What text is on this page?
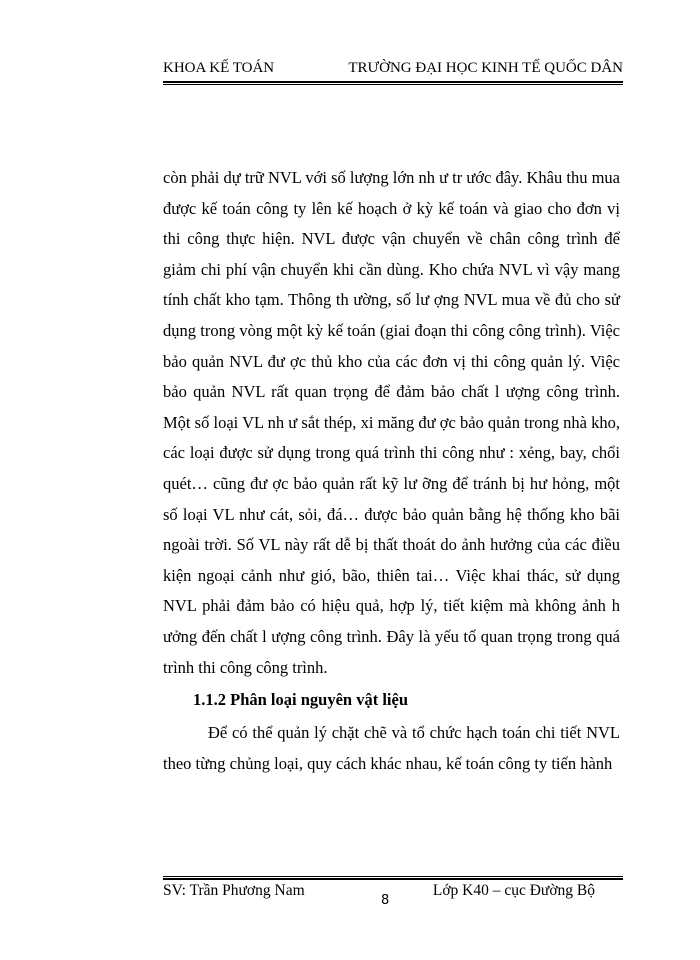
KHOA KẾ TOÁN	TRƯỜNG ĐẠI HỌC KINH TẾ QUỐC DÂN
còn phải dự trữ NVL với số lượng lớn nh ư tr ước đây. Khâu thu mua được kế toán công ty lên kế hoạch ở kỳ kế toán và giao cho đơn vị thi công thực hiện. NVL được vận chuyển về chân công trình để giảm chi phí vận chuyển khi cần dùng. Kho chứa NVL vì vậy mang tính chất kho tạm. Thông th ường, số lư ợng NVL mua về đủ cho sử dụng trong vòng một kỳ kế toán (giai đoạn thi công công trình). Việc bảo quản NVL đư ợc thủ kho của các đơn vị thi công quản lý. Việc bảo quản NVL rất quan trọng để đảm bảo chất l ượng công trình. Một số loại VL nh ư sắt thép, xi măng đư ợc bảo quản trong nhà kho, các loại được sử dụng trong quá trình thi công như : xẻng, bay, chổi quét… cũng đư ợc bảo quản rất kỹ lư ỡng để tránh bị hư hỏng, một số loại VL như cát, sỏi, đá… được bảo quản bằng hệ thống kho bãi ngoài trời. Số VL này rất dễ bị thất thoát do ảnh hưởng của các điều kiện ngoại cảnh như gió, bão, thiên tai… Việc khai thác, sử dụng NVL phải đảm bảo có hiệu quả, hợp lý, tiết kiệm mà không ảnh h ưởng đến chất l ượng công trình. Đây là yếu tố quan trọng trong quá trình thi công công trình.
1.1.2 Phân loại nguyên vật liệu
Để có thể quản lý chặt chẽ và tổ chức hạch toán chi tiết NVL theo từng chủng loại, quy cách khác nhau, kế toán công ty tiến hành
SV: Trần Phương Nam	Lớp K40 – cục Đường Bộ
8
